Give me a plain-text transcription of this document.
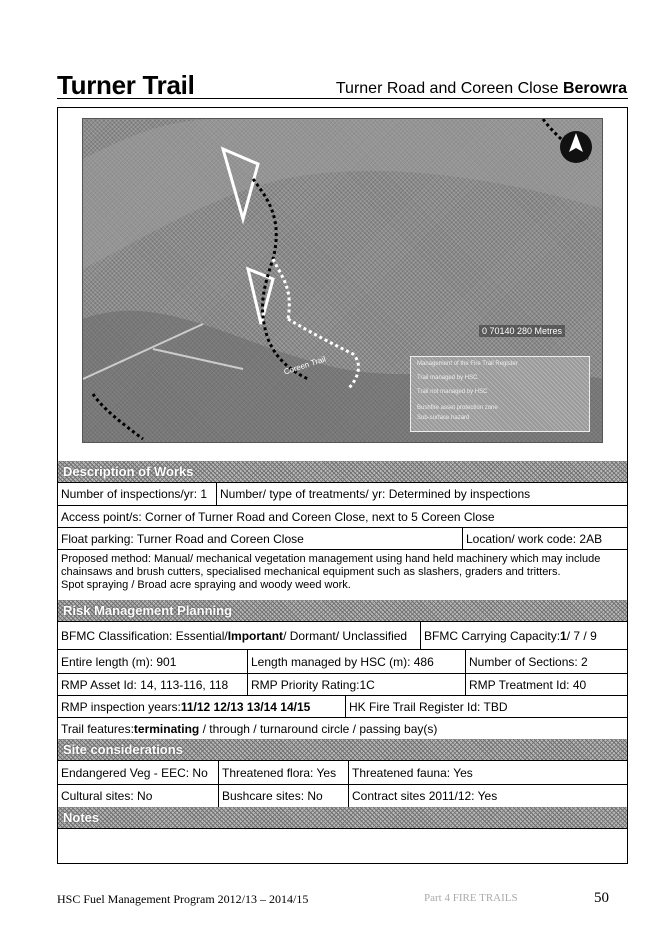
Turner Trail	Turner Road and Coreen Close Berowra
0 70140 280 Metres
Coreen Trail	Management of the Fire Trail Register
Trail managed by HSC
Trail not managed by HSC
Bushfire asset protection zone
Sub-surface hazard
Description of Works
Number of inspections/yr: 1	Number/ type of treatments/ yr: Determined by inspections
Access point/s: Corner of Turner Road and Coreen Close, next to 5 Coreen Close
Float parking: Turner Road and Coreen Close	Location/ work code: 2AB
Proposed method: Manual/ mechanical vegetation management using hand held machinery which may include
chainsaws and brush cutters, specialised mechanical equipment such as slashers, graders and tritters.
Spot spraying / Broad acre spraying and woody weed work.
Risk Management Planning
BFMC Classification: Essential/ Important / Dormant/ Unclassified BFMC Carrying Capacity: 1 / 7 / 9
Entire length (m): 901	Length managed by HSC (m): 486	Number of Sections: 2
RMP Asset Id: 14, 113-116, 118	RMP Priority Rating:1C	RMP Treatment Id: 40
RMP inspection years: 11/12 12/13 13/14 14/15	HK Fire Trail Register Id: TBD
Trail features: terminating / through / turnaround circle / passing bay(s)
Site considerations
Endangered Veg - EEC: No	Threatened flora: Yes	Threatened fauna: Yes
Cultural sites: No	Bushcare sites: No	Contract sites 2011/12: Yes
Notes
HSC Fuel Management Program 2012/13 – 2014/15	Part 4 FIRE TRAILS	50
